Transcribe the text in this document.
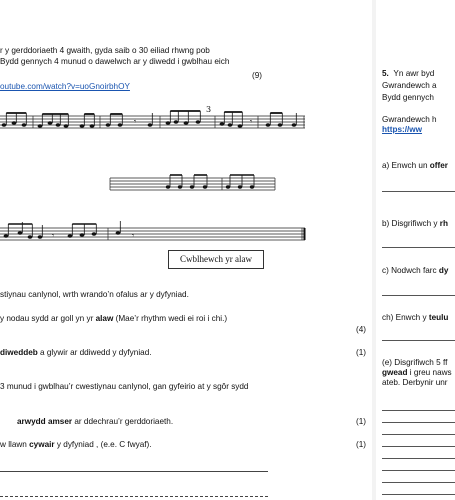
r y gerddoriaeth 4 gwaith, gyda saib o 30 eiliad rhwng pob
Bydd gennych 4 munud o dawelwch ar y diwedd i gwblhau eich
(9)
outube.com/watch?v=uoGnoirbhOY
𝄾	𝄾
3
𝄾	𝄾
Cwblhewch yr alaw
stiynau canlynol, wrth wrando’n ofalus ar y dyfyniad.
y nodau sydd ar goll yn yr alaw (Mae’r rhythm wedi ei roi i chi.)
(4)
diweddeb a glywir ar ddiwedd y dyfyniad.	(1)
3 munud i gwblhau’r cwestiynau canlynol, gan gyfeirio at y sgôr sydd
arwydd amser ar ddechrau’r gerddoriaeth.	(1)
w llawn cywair y dyfyniad , (e.e. C fwyaf).	(1)
5. Yn awr byd
Gwrandewch a
Bydd gennych
Gwrandewch h
https://ww
a) Enwch un offer
b) Disgrifiwch y rh
c) Nodwch farc dy
ch) Enwch y teulu
(e) Disgrifiwch 5 ff
gwead i greu naws
ateb. Derbynir unr
